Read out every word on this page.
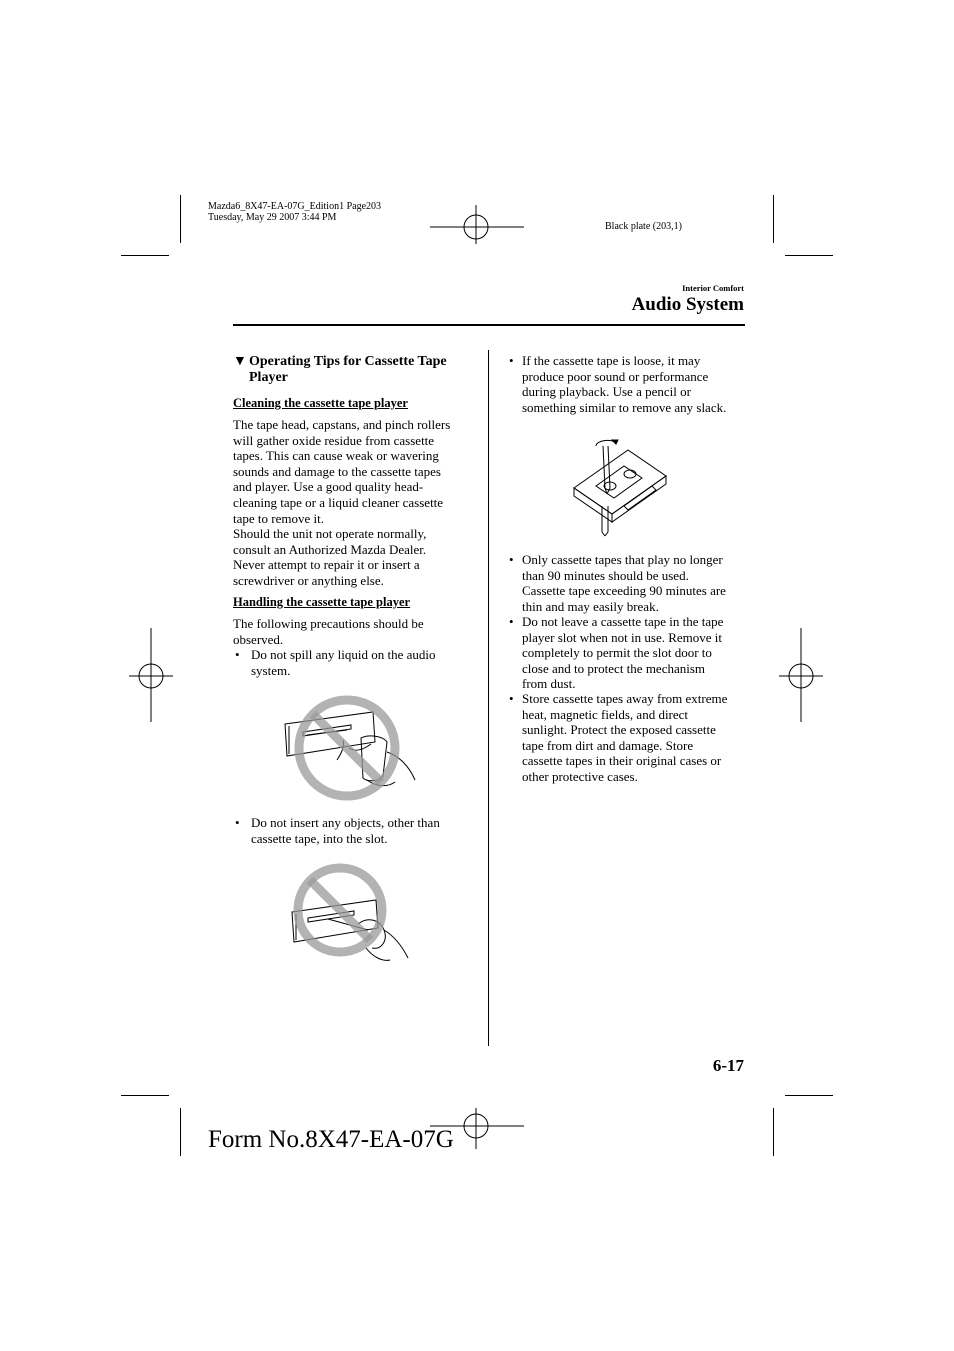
Mazda6_8X47-EA-07G_Edition1 Page203
Tuesday, May 29 2007 3:44 PM
Black plate (203,1)
Interior Comfort
Audio System
▼ Operating Tips for Cassette Tape
Player
Cleaning the cassette tape player
The tape head, capstans, and pinch rollers
will gather oxide residue from cassette
tapes. This can cause weak or wavering
sounds and damage to the cassette tapes
and player. Use a good quality head-
cleaning tape or a liquid cleaner cassette
tape to remove it.
Should the unit not operate normally,
consult an Authorized Mazda Dealer.
Never attempt to repair it or insert a
screwdriver or anything else.
Handling the cassette tape player
The following precautions should be
observed.
• Do not spill any liquid on the audio
system.
• Do not insert any objects, other than
cassette tape, into the slot.
• If the cassette tape is loose, it may
produce poor sound or performance
during playback. Use a pencil or
something similar to remove any slack.
• Only cassette tapes that play no longer
than 90 minutes should be used.
Cassette tape exceeding 90 minutes are
thin and may easily break.
• Do not leave a cassette tape in the tape
player slot when not in use. Remove it
completely to permit the slot door to
close and to protect the mechanism
from dust.
• Store cassette tapes away from extreme
heat, magnetic fields, and direct
sunlight. Protect the exposed cassette
tape from dirt and damage. Store
cassette tapes in their original cases or
other protective cases.
6-17
Form No.8X47-EA-07G
